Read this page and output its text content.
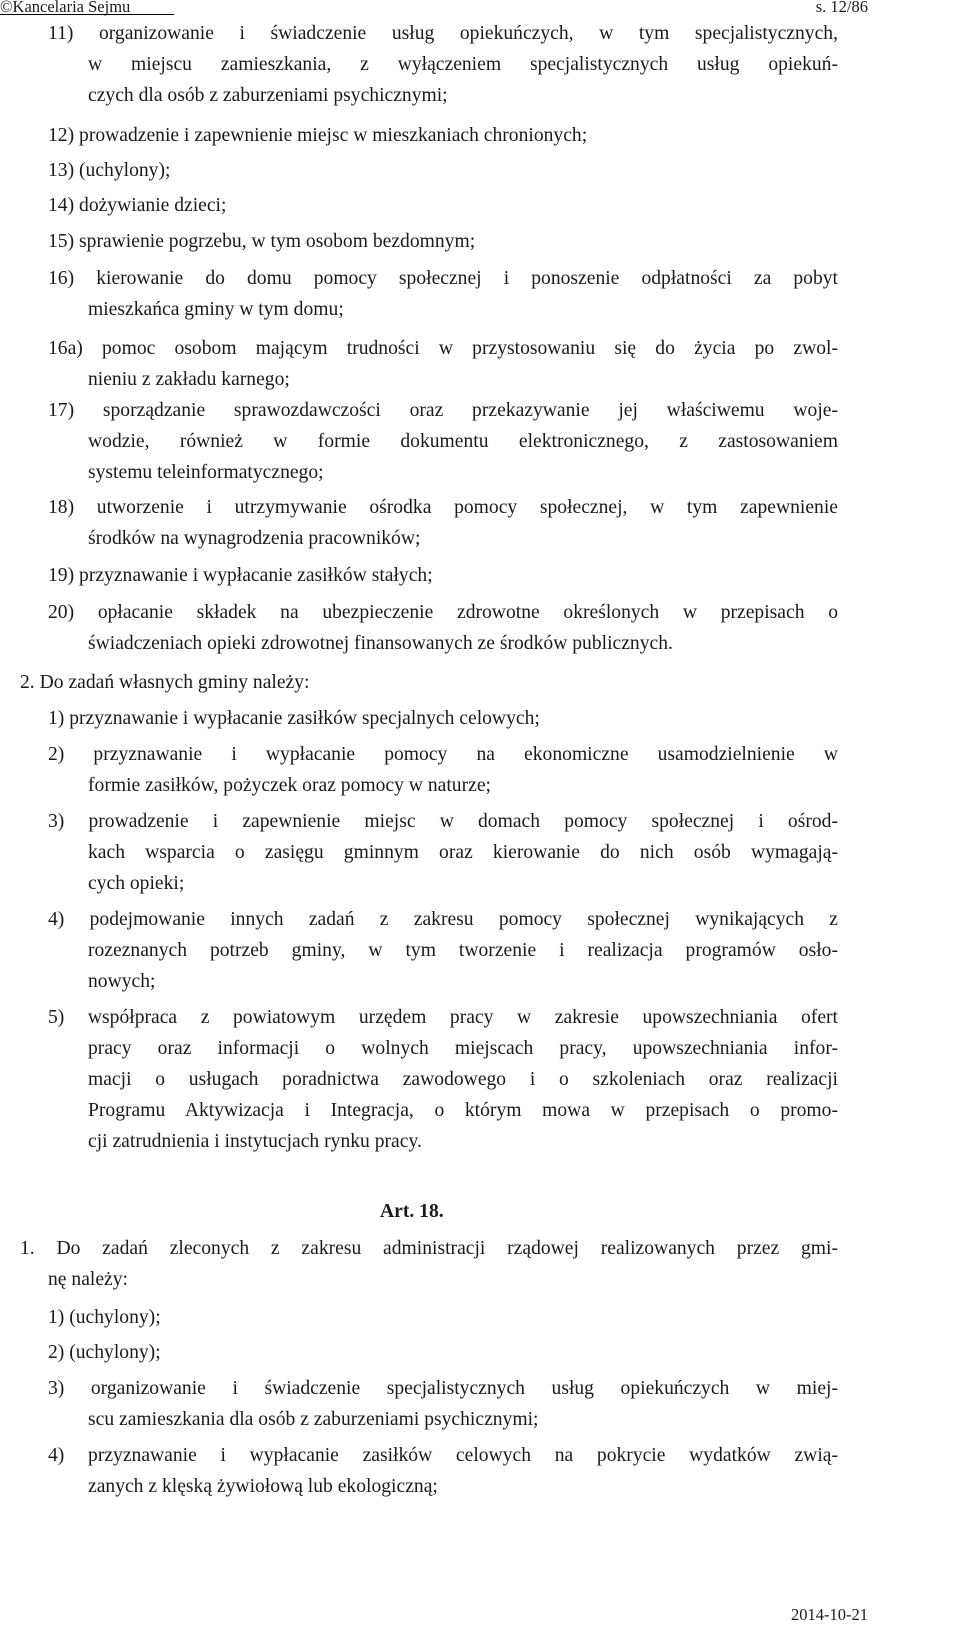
©Kancelaria Sejmu	s. 12/86
11) organizowanie i świadczenie usług opiekuńczych, w tym specjalistycznych,
w miejscu zamieszkania, z wyłączeniem specjalistycznych usług opiekuń-
czych dla osób z zaburzeniami psychicznymi;
12) prowadzenie i zapewnienie miejsc w mieszkaniach chronionych;
13) (uchylony);
14) dożywianie dzieci;
15) sprawienie pogrzebu, w tym osobom bezdomnym;
16) kierowanie do domu pomocy społecznej i ponoszenie odpłatności za pobyt
mieszkańca gminy w tym domu;
16a) pomoc osobom mającym trudności w przystosowaniu się do życia po zwol-
nieniu z zakładu karnego;
17) sporządzanie sprawozdawczości oraz przekazywanie jej właściwemu woje-
wodzie, również w formie dokumentu elektronicznego, z zastosowaniem
systemu teleinformatycznego;
18) utworzenie i utrzymywanie ośrodka pomocy społecznej, w tym zapewnienie
środków na wynagrodzenia pracowników;
19) przyznawanie i wypłacanie zasiłków stałych;
20) opłacanie składek na ubezpieczenie zdrowotne określonych w przepisach o
świadczeniach opieki zdrowotnej finansowanych ze środków publicznych.
2. Do zadań własnych gminy należy:
1) przyznawanie i wypłacanie zasiłków specjalnych celowych;
2) przyznawanie i wypłacanie pomocy na ekonomiczne usamodzielnienie w
formie zasiłków, pożyczek oraz pomocy w naturze;
3) prowadzenie i zapewnienie miejsc w domach pomocy społecznej i ośrod-
kach wsparcia o zasięgu gminnym oraz kierowanie do nich osób wymagają-
cych opieki;
4) podejmowanie innych zadań z zakresu pomocy społecznej wynikających z
rozeznanych potrzeb gminy, w tym tworzenie i realizacja programów osło-
nowych;
5) współpraca z powiatowym urzędem pracy w zakresie upowszechniania ofert
pracy oraz informacji o wolnych miejscach pracy, upowszechniania infor-
macji o usługach poradnictwa zawodowego i o szkoleniach oraz realizacji
Programu Aktywizacja i Integracja, o którym mowa w przepisach o promo-
cji zatrudnienia i instytucjach rynku pracy.
Art. 18.
1. Do zadań zleconych z zakresu administracji rządowej realizowanych przez gmi-
nę należy:
1) (uchylony);
2) (uchylony);
3) organizowanie i świadczenie specjalistycznych usług opiekuńczych w miej-
scu zamieszkania dla osób z zaburzeniami psychicznymi;
4) przyznawanie i wypłacanie zasiłków celowych na pokrycie wydatków zwią-
zanych z klęską żywiołową lub ekologiczną;
2014-10-21
